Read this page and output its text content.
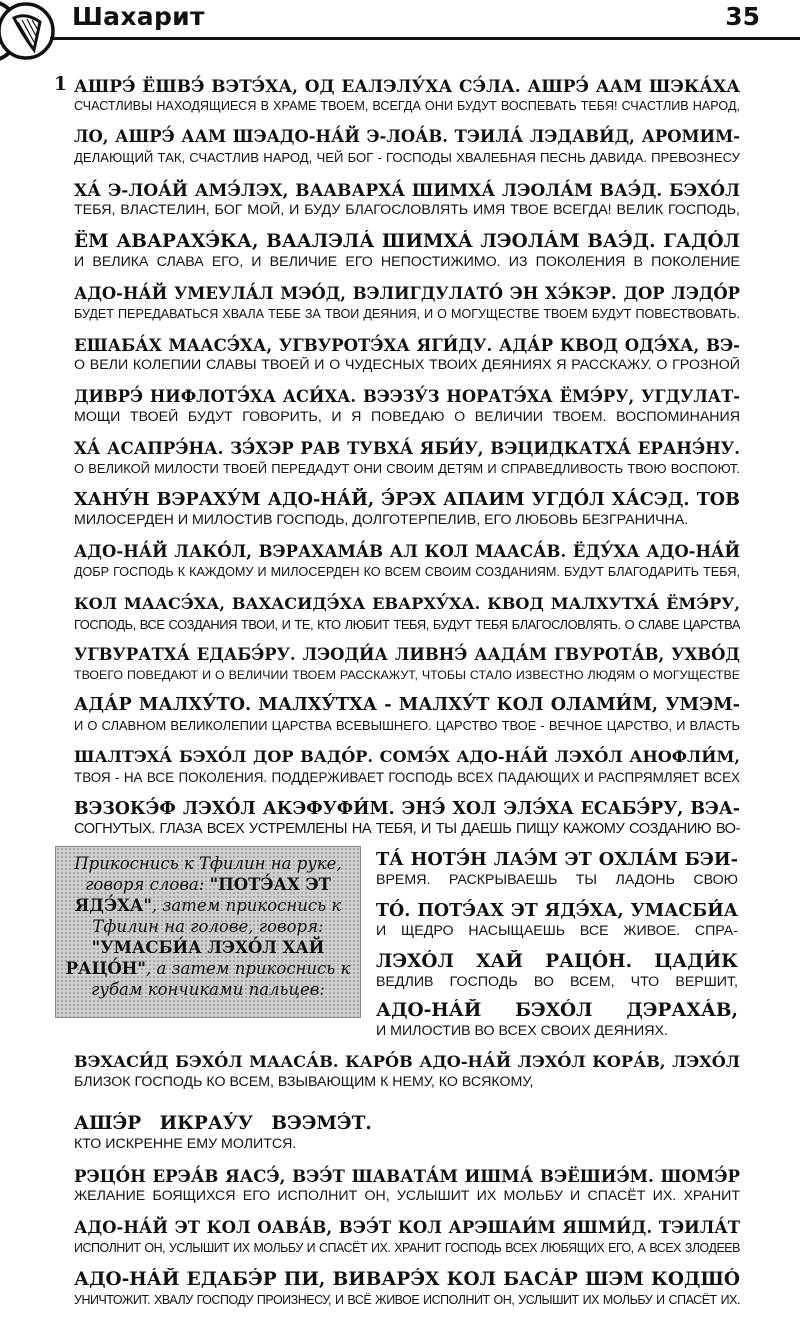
Шахарит	35
1 АШРЭ́ ЁШВЭ́ ВЭТЭ́ХА, ОД ЕАЛЭЛУ́ХА СЭ́ЛА. АШРЭ́ ААМ ШЭКА́ХА
СЧАСТЛИВЫ НАХОДЯЩИЕСЯ В ХРАМЕ ТВОЕМ, ВСЕГДА ОНИ БУДУТ ВОСПЕВАТЬ ТЕБЯ! СЧАСТЛИВ НАРОД,
ЛО, АШРЭ́ ААМ ШЭАДО-НА́Й Э-ЛОА́В. ТЭИЛА́ ЛЭДАВИ́Д, АРОМИМ-
ДЕЛАЮЩИЙ ТАК, СЧАСТЛИВ НАРОД, ЧЕЙ БОГ - ГОСПОДЫ ХВАЛЕБНАЯ ПЕСНЬ ДАВИДА. ПРЕВОЗНЕСУ
ХА́ Э-ЛОА́Й АМЭ́ЛЭХ, ВААВАРХА́ ШИМХА́ ЛЭОЛА́М ВАЭ́Д. БЭХО́Л
ТЕБЯ, ВЛАСТЕЛИН, БОГ МОЙ, И БУДУ БЛАГОСЛОВЛЯТЬ ИМЯ ТВОЕ ВСЕГДА! ВЕЛИК ГОСПОДЬ,
ЁМ АВАРАХЭ́КА, ВААЛЭЛА́ ШИМХА́ ЛЭОЛА́М ВАЭ́Д. ГАДО́Л
И ВЕЛИКА СЛАВА ЕГО, И ВЕЛИЧИЕ ЕГО НЕПОСТИЖИМО. ИЗ ПОКОЛЕНИЯ В ПОКОЛЕНИЕ
АДО-НА́Й УМЕУЛА́Л МЭО́Д, ВЭЛИГДУЛАТО́ ЭН ХЭ́КЭР. ДОР ЛЭДО́Р
БУДЕТ ПЕРЕДАВАТЬСЯ ХВАЛА ТЕБЕ ЗА ТВОИ ДЕЯНИЯ, И О МОГУЩЕСТВЕ ТВОЕМ БУДУТ ПОВЕСТВОВАТЬ.
ЕШАБА́Х МААСЭ́ХА, УГВУРОТЭ́ХА ЯГИ́ДУ. АДА́Р КВОД ОДЭ́ХА, ВЭ-
О ВЕЛИ КОЛЕПИИ СЛАВЫ ТВОЕЙ И О ЧУДЕСНЫХ ТВОИХ ДЕЯНИЯХ Я РАССКАЖУ. О ГРОЗНОЙ
ДИВРЭ́ НИФЛОТЭ́ХА АСИ́ХА. ВЭЭЗУ́З НОРАТЭ́ХА ЁМЭ́РУ, УГДУЛАТ-
МОЩИ ТВОЕЙ БУДУТ ГОВОРИТЬ, И Я ПОВЕДАЮ О ВЕЛИЧИИ ТВОЕМ. ВОСПОМИНАНИЯ
ХА́ АСАПРЭ́НА. ЗЭ́ХЭР РАВ ТУВХА́ ЯБИ́У, ВЭЦИДКАТХА́ ЕРАНЭ́НУ.
О ВЕЛИКОЙ МИЛОСТИ ТВОЕЙ ПЕРЕДАДУТ ОНИ СВОИМ ДЕТЯМ И СПРАВЕДЛИВОСТЬ ТВОЮ ВОСПОЮТ.
ХАНУ́Н ВЭРАХУ́М АДО-НА́Й, Э́РЭХ АПАИМ УГДО́Л ХА́СЭД. ТОВ
МИЛОСЕРДЕН И МИЛОСТИВ ГОСПОДЬ, ДОЛГОТЕРПЕЛИВ, ЕГО ЛЮБОВЬ БЕЗГРАНИЧНА.
АДО-НА́Й ЛАКО́Л, ВЭРАХАМА́В АЛ КОЛ МААСА́В. ЁДУ́ХА АДО-НА́Й
ДОБР ГОСПОДЬ К КАЖДОМУ И МИЛОСЕРДЕН КО ВСЕМ СВОИМ СОЗДАНИЯМ. БУДУТ БЛАГОДАРИТЬ ТЕБЯ,
КОЛ МААСЭ́ХА, ВАХАСИДЭ́ХА ЕВАРХУ́ХА. КВОД МАЛХУТХА́ ЁМЭ́РУ,
ГОСПОДЬ, ВСЕ СОЗДАНИЯ ТВОИ, И ТЕ, КТО ЛЮБИТ ТЕБЯ, БУДУТ ТЕБЯ БЛАГОСЛОВЛЯТЬ. О СЛАВЕ ЦАРСТВА
УГВУРАТХА́ ЕДАБЭ́РУ. ЛЭОДИ́А ЛИВНЭ́ ААДА́М ГВУРОТА́В, УХВО́Д
ТВОЕГО ПОВЕДАЮТ И О ВЕЛИЧИИ ТВОЕМ РАССКАЖУТ, ЧТОБЫ СТАЛО ИЗВЕСТНО ЛЮДЯМ О МОГУЩЕСТВЕ
АДА́Р МАЛХУ́ТО. МАЛХУ́ТХА - МАЛХУ́Т КОЛ ОЛАМИ́М, УМЭМ-
И О СЛАВНОМ ВЕЛИКОЛЕПИИ ЦАРСТВА ВСЕВЫШНЕГО. ЦАРСТВО ТВОЕ - ВЕЧНОЕ ЦАРСТВО, И ВЛАСТЬ
ШАЛТЭХА́ БЭХО́Л ДОР ВАДО́Р. СОМЭ́Х АДО-НА́Й ЛЭХО́Л АНОФЛИ́М,
ТВОЯ - НА ВСЕ ПОКОЛЕНИЯ. ПОДДЕРЖИВАЕТ ГОСПОДЬ ВСЕХ ПАДАЮЩИХ И РАСПРЯМЛЯЕТ ВСЕХ
ВЭЗОКЭ́Ф ЛЭХО́Л АКЭФУФИ́М. ЭНЭ́ ХОЛ ЭЛЭ́ХА ЕСАБЭ́РУ, ВЭА-
СОГНУТЫХ. ГЛАЗА ВСЕХ УСТРЕМЛЕНЫ НА ТЕБЯ, И ТЫ ДАЕШЬ ПИЩУ КАЖОМУ СОЗДАНИЮ ВО-
Прикоснись к Тфилин на руке, говоря слова: "ПОТЭ́АХ ЭТ ЯДЭ́ХА", затем прикоснись к Тфилин на голове, говоря: "УМАСБИ́А ЛЭХО́Л ХАЙ РАЦО́Н", а затем прикоснись к губам кончиками пальцев:
ТА́ НОТЭ́Н ЛАЭ́М ЭТ ОХЛА́М БЭИ-
ВРЕМЯ. РАСКРЫВАЕШЬ ТЫ ЛАДОНЬ СВОЮ
ТО́. ПОТЭ́АХ ЭТ ЯДЭ́ХА, УМАСБИ́А
И ЩЕДРО НАСЫЩАЕШЬ ВСЕ ЖИВОЕ. СПРА-
ЛЭХО́Л ХАЙ РАЦО́Н. ЦАДИ́К
ВЕДЛИВ ГОСПОДЬ ВО ВСЕМ, ЧТО ВЕРШИТ,
АДО-НА́Й БЭХО́Л ДЭРАХА́В,
И МИЛОСТИВ ВО ВСЕХ СВОИХ ДЕЯНИЯХ.
ВЭХАСИ́Д БЭХО́Л МААСА́В. КАРО́В АДО-НА́Й ЛЭХО́Л КОРА́В, ЛЭХО́Л
БЛИЗОК ГОСПОДЬ КО ВСЕМ, ВЗЫВАЮЩИМ К НЕМУ, КО ВСЯКОМУ,
АШЭ́Р ИКРАУ́У ВЭЭМЭ́Т.
КТО ИСКРЕННЕ ЕМУ МОЛИТСЯ.
РЭЦО́Н ЕРЭА́В ЯАСЭ́, ВЭЭ́Т ШАВАТА́М ИШМА́ ВЭЁШИЭ́М. ШОМЭ́Р
ЖЕЛАНИЕ БОЯЩИХСЯ ЕГО ИСПОЛНИТ ОН, УСЛЫШИТ ИХ МОЛЬБУ И СПАСЁТ ИХ. ХРАНИТ
АДО-НА́Й ЭТ КОЛ ОАВА́В, ВЭЭ́Т КОЛ АРЭШАИ́М ЯШМИ́Д. ТЭИЛА́Т
ИСПОЛНИТ ОН, УСЛЫШИТ ИХ МОЛЬБУ И СПАСЁТ ИХ. ХРАНИТ ГОСПОДЬ ВСЕХ ЛЮБЯЩИХ ЕГО, А ВСЕХ ЗЛОДЕЕВ
АДО-НА́Й ЕДАБЭ́Р ПИ, ВИВАРЭ́Х КОЛ БАСА́Р ШЭМ КОДШО́
УНИЧТОЖИТ. ХВАЛУ ГОСПОДУ ПРОИЗНЕСУ, И ВСЁ ЖИВОЕ ИСПОЛНИТ ОН, УСЛЫШИТ ИХ МОЛЬБУ И СПАСЁТ ИХ.
